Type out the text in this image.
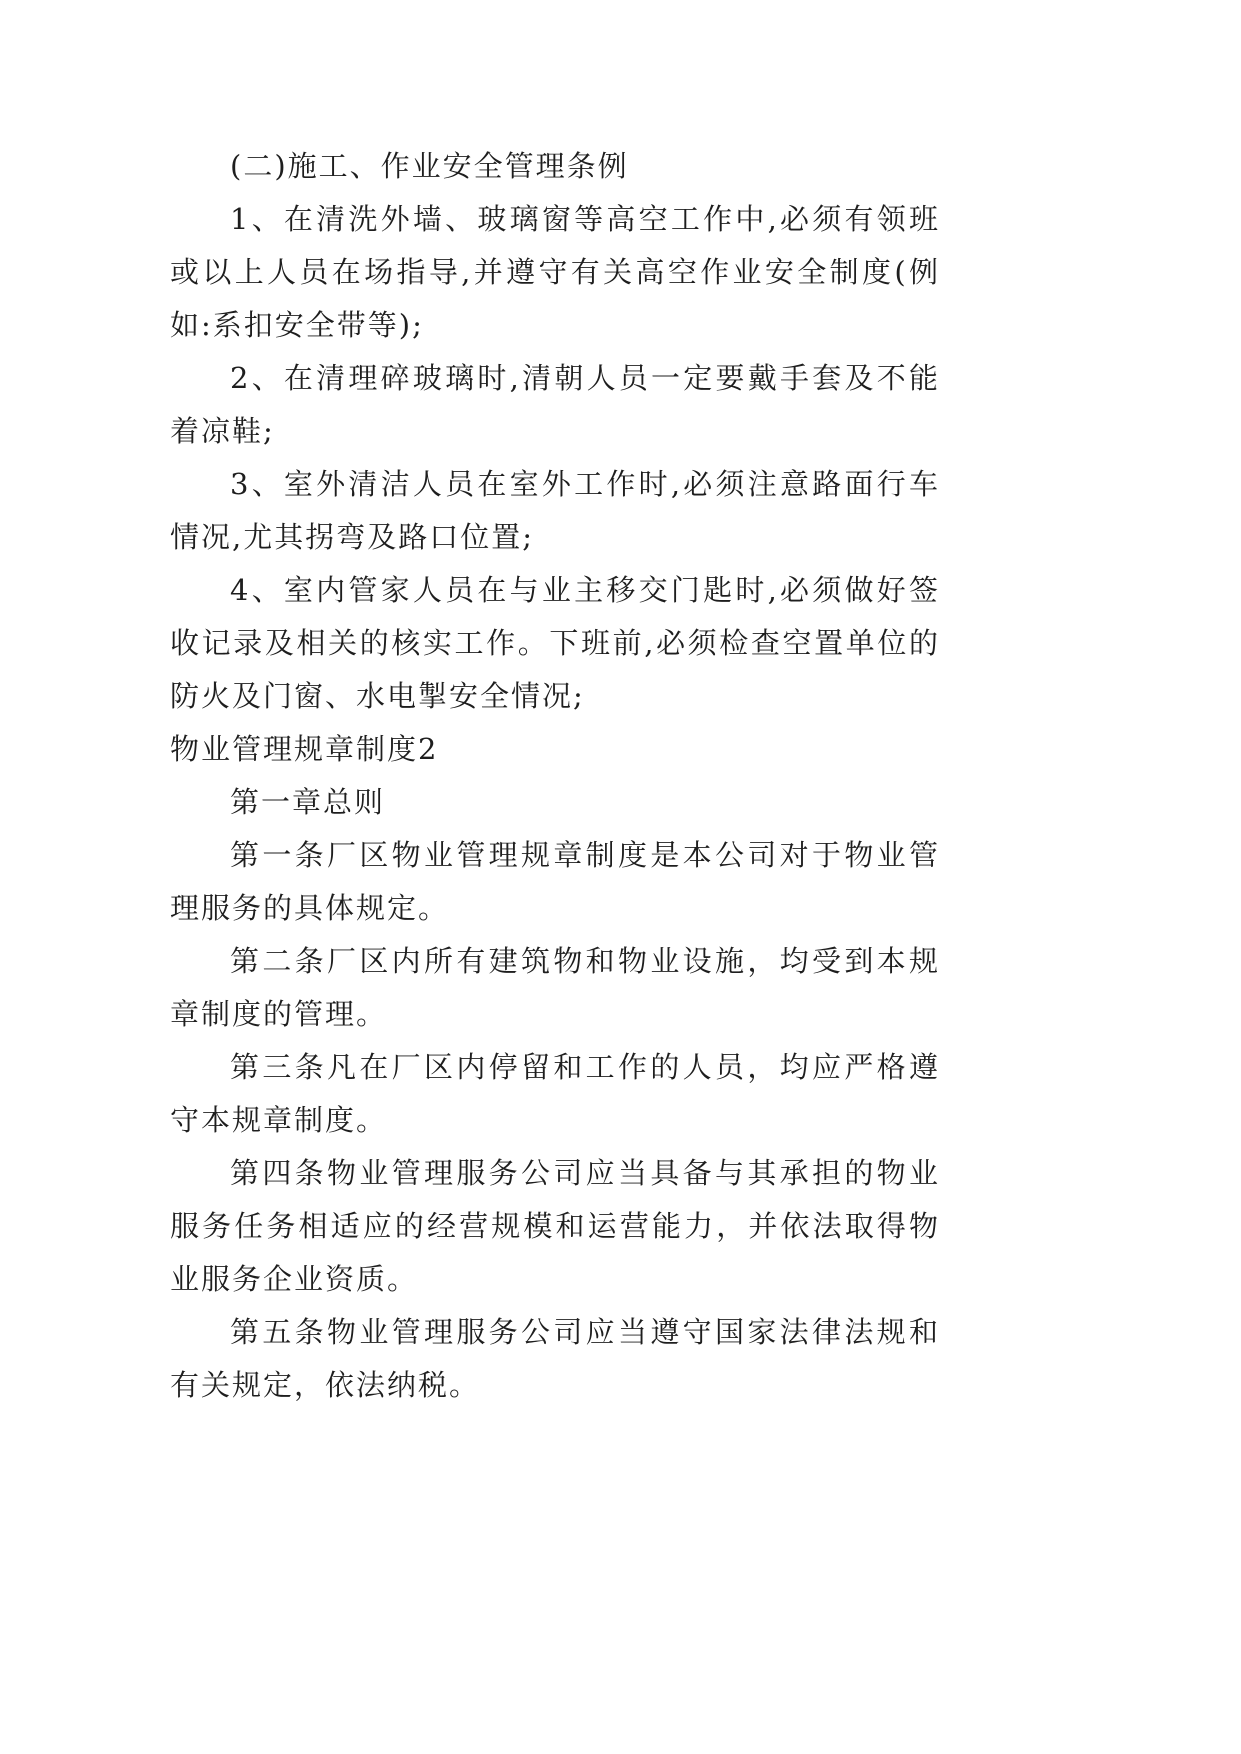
(二)施工、作业安全管理条例

1、在清洗外墙、玻璃窗等高空工作中,必须有领班或以上人员在场指导,并遵守有关高空作业安全制度(例如:系扣安全带等);

2、在清理碎玻璃时,清朝人员一定要戴手套及不能着凉鞋;

3、室外清洁人员在室外工作时,必须注意路面行车情况,尤其拐弯及路口位置;

4、室内管家人员在与业主移交门匙时,必须做好签收记录及相关的核实工作。下班前,必须检查空置单位的防火及门窗、水电掣安全情况;

物业管理规章制度2

第一章总则

第一条厂区物业管理规章制度是本公司对于物业管理服务的具体规定。

第二条厂区内所有建筑物和物业设施，均受到本规章制度的管理。

第三条凡在厂区内停留和工作的人员，均应严格遵守本规章制度。

第四条物业管理服务公司应当具备与其承担的物业服务任务相适应的经营规模和运营能力，并依法取得物业服务企业资质。

第五条物业管理服务公司应当遵守国家法律法规和有关规定，依法纳税。
